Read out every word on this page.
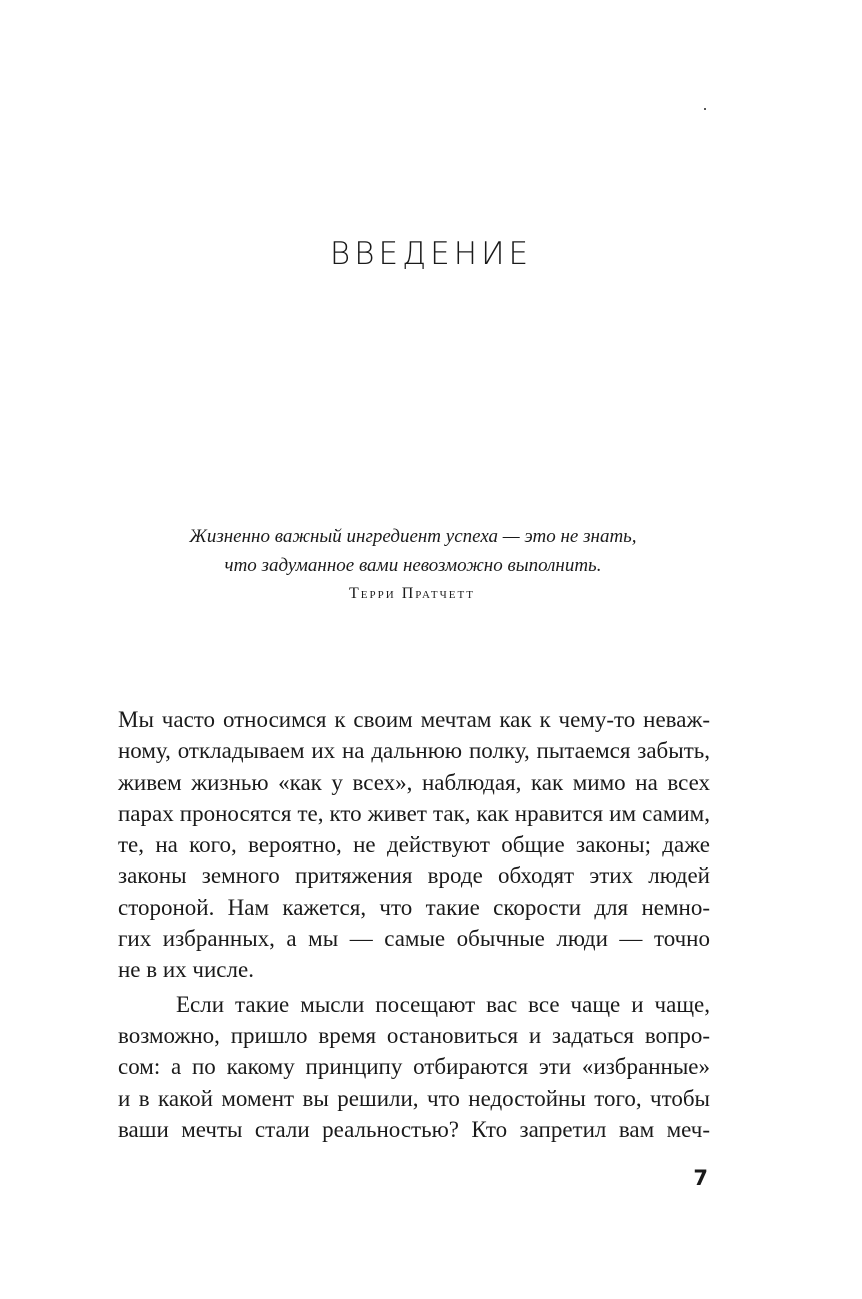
ВВЕДЕНИЕ
Жизненно важный ингредиент успеха — это не знать,
что задуманное вами невозможно выполнить.
Терри Пратчетт
Мы часто относимся к своим мечтам как к чему-то неваж-
ному, откладываем их на дальнюю полку, пытаемся забыть,
живем жизнью «как у всех», наблюдая, как мимо на всех
парах проносятся те, кто живет так, как нравится им самим,
те, на кого, вероятно, не действуют общие законы; даже
законы земного притяжения вроде обходят этих людей
стороной. Нам кажется, что такие скорости для немно-
гих избранных, а мы — самые обычные люди — точно
не в их числе.
Если такие мысли посещают вас все чаще и чаще,
возможно, пришло время остановиться и задаться вопро-
сом: а по какому принципу отбираются эти «избранные»
и в какой момент вы решили, что недостойны того, чтобы
ваши мечты стали реальностью? Кто запретил вам меч-
7
